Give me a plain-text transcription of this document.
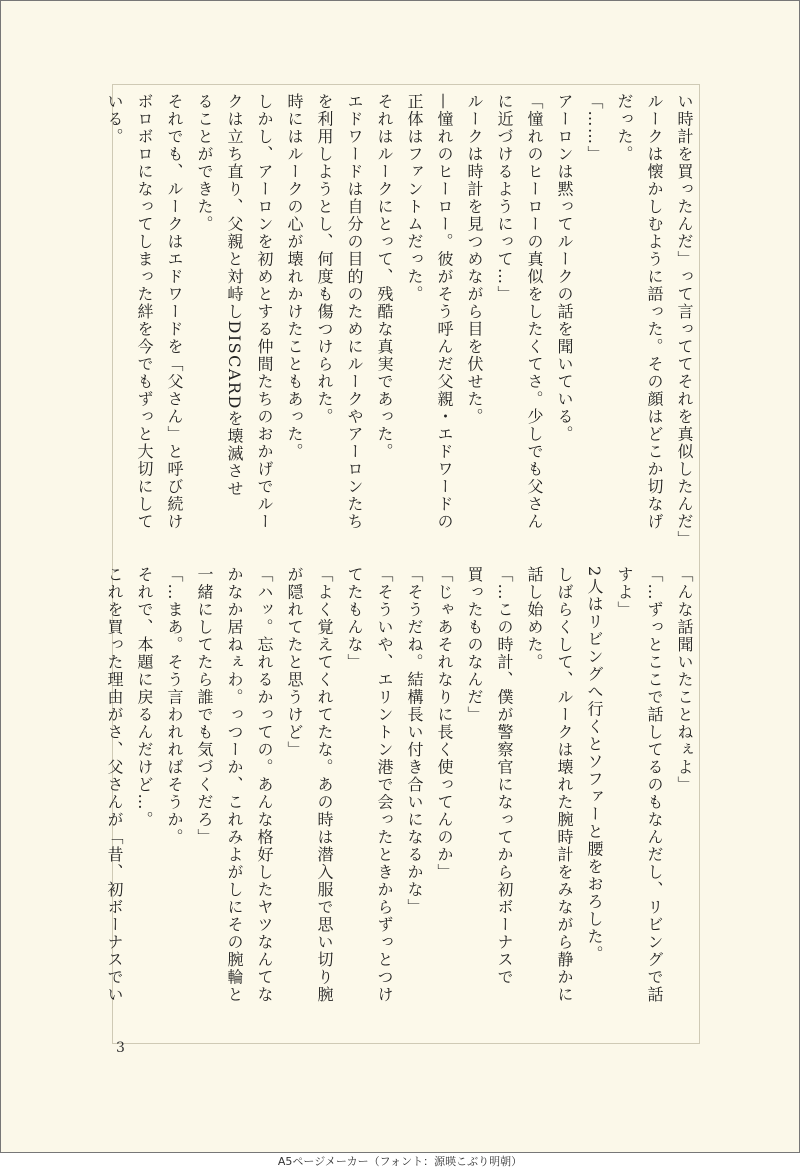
い時計を買ったんだ」って言っててそれを真似したんだ」
ルークは懐かしむように語った。その顔はどこか切なげ
だった。
「……」
アーロンは黙ってルークの話を聞いている。
「憧れのヒーローの真似をしたくてさ。少しでも父さん
に近づけるようにって…」
ルークは時計を見つめながら目を伏せた。
—憧れのヒーロー。彼がそう呼んだ父親・エドワードの
正体はファントムだった。
それはルークにとって、残酷な真実であった。
エドワードは自分の目的のためにルークやアーロンたち
を利用しようとし、何度も傷つけられた。
時にはルークの心が壊れかけたこともあった。
しかし、アーロンを初めとする仲間たちのおかげでルー
クは立ち直り、父親と対峙しDISCARDを壊滅させ
ることができた。
それでも、ルークはエドワードを「父さん」と呼び続け
ボロボロになってしまった絆を今でもずっと大切にして
いる。
「んな話聞いたことねぇよ」
「…ずっとここで話してるのもなんだし、リビングで話
すよ」
2人はリビングへ行くとソファーと腰をおろした。
しばらくして、ルークは壊れた腕時計をみながら静かに
話し始めた。
「…この時計、僕が警察官になってから初ボーナスで
買ったものなんだ」
「じゃあそれなりに長く使ってんのか」
「そうだね。結構長い付き合いになるかな」
「そういや、エリントン港で会ったときからずっとつけ
てたもんな」
「よく覚えてくれてたな。あの時は潜入服で思い切り腕
が隠れてたと思うけど」
「ハッ。忘れるかっての。あんな格好したヤツなんてな
かなか居ねぇわ。っつーか、これみよがしにその腕輪と
一緒にしてたら誰でも気づくだろ」
「…まあ。そう言われればそうか。
それで、本題に戻るんだけど…。
これを買った理由がさ、父さんが「昔、初ボーナスでい
3
A5ページメーカー（フォント：源暎こぶり明朝）
